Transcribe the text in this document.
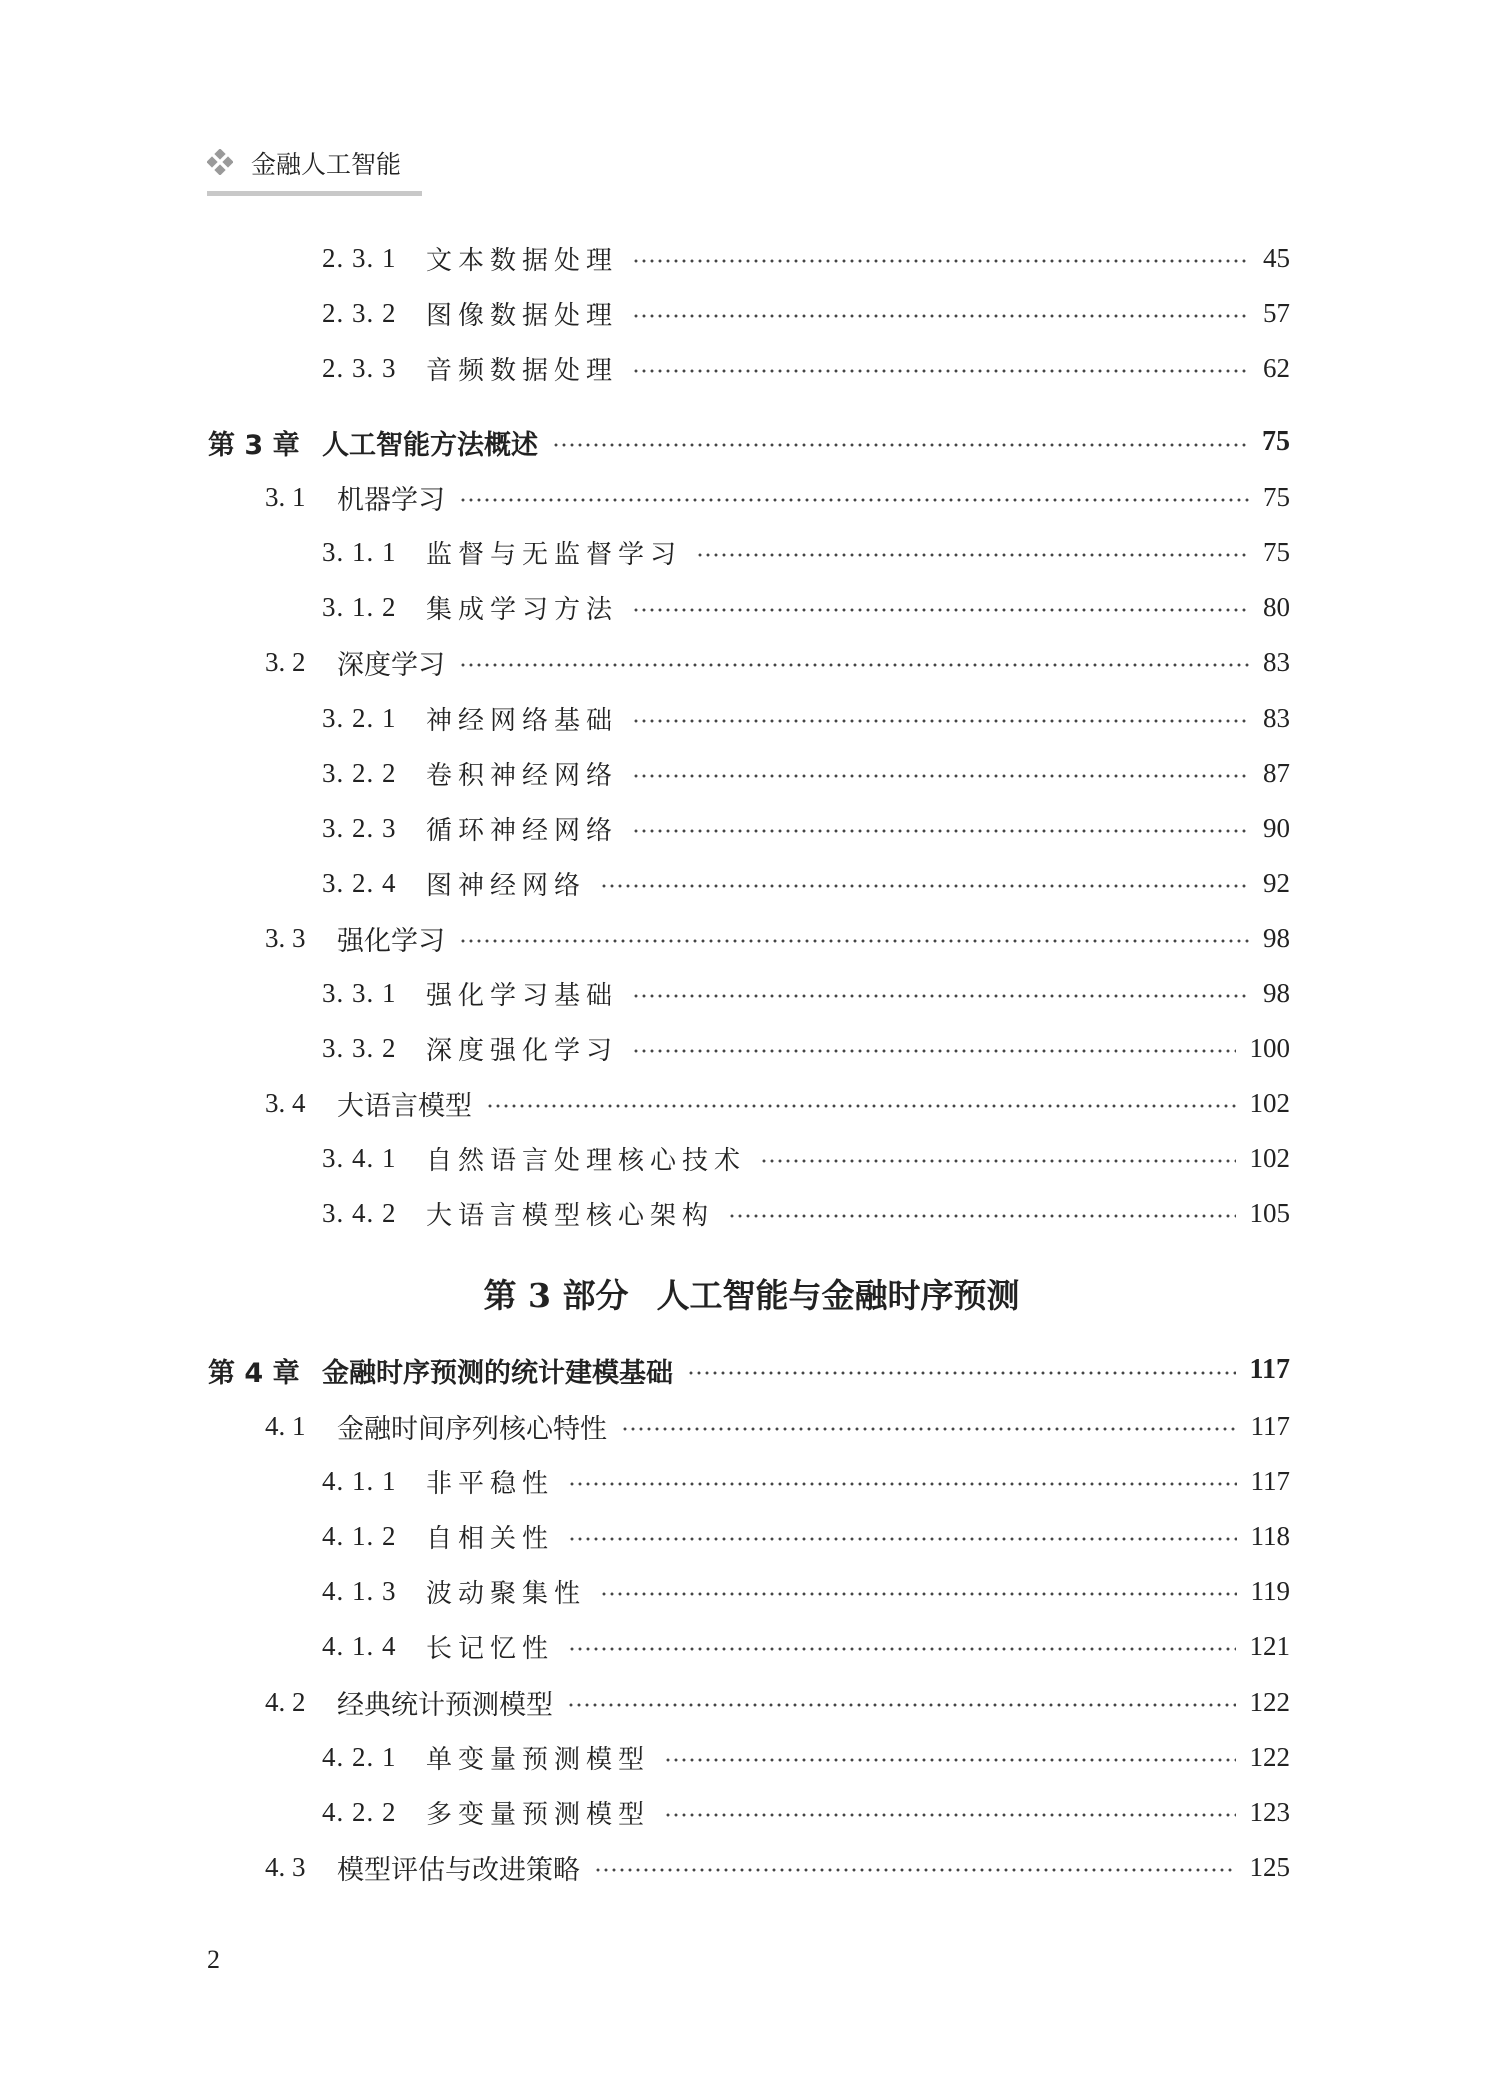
金融人工智能
2. 3. 1 文本数据处理	45
2. 3. 2 图像数据处理	57
2. 3. 3 音频数据处理	62
第 3 章 人工智能方法概述	75
3. 1 机器学习	75
3. 1. 1 监督与无监督学习	75
3. 1. 2 集成学习方法	80
3. 2 深度学习	83
3. 2. 1 神经网络基础	83
3. 2. 2 卷积神经网络	87
3. 2. 3 循环神经网络	90
3. 2. 4 图神经网络	92
3. 3 强化学习	98
3. 3. 1 强化学习基础	98
3. 3. 2 深度强化学习	100
3. 4 大语言模型	102
3. 4. 1 自然语言处理核心技术	102
3. 4. 2 大语言模型核心架构	105
第 4 章 金融时序预测的统计建模基础	117
4. 1 金融时间序列核心特性	117
4. 1. 1 非平稳性	117
4. 1. 2 自相关性	118
4. 1. 3 波动聚集性	119
4. 1. 4 长记忆性	121
4. 2 经典统计预测模型	122
4. 2. 1 单变量预测模型	122
4. 2. 2 多变量预测模型	123
4. 3 模型评估与改进策略	125
第 3 部分 人工智能与金融时序预测
2
